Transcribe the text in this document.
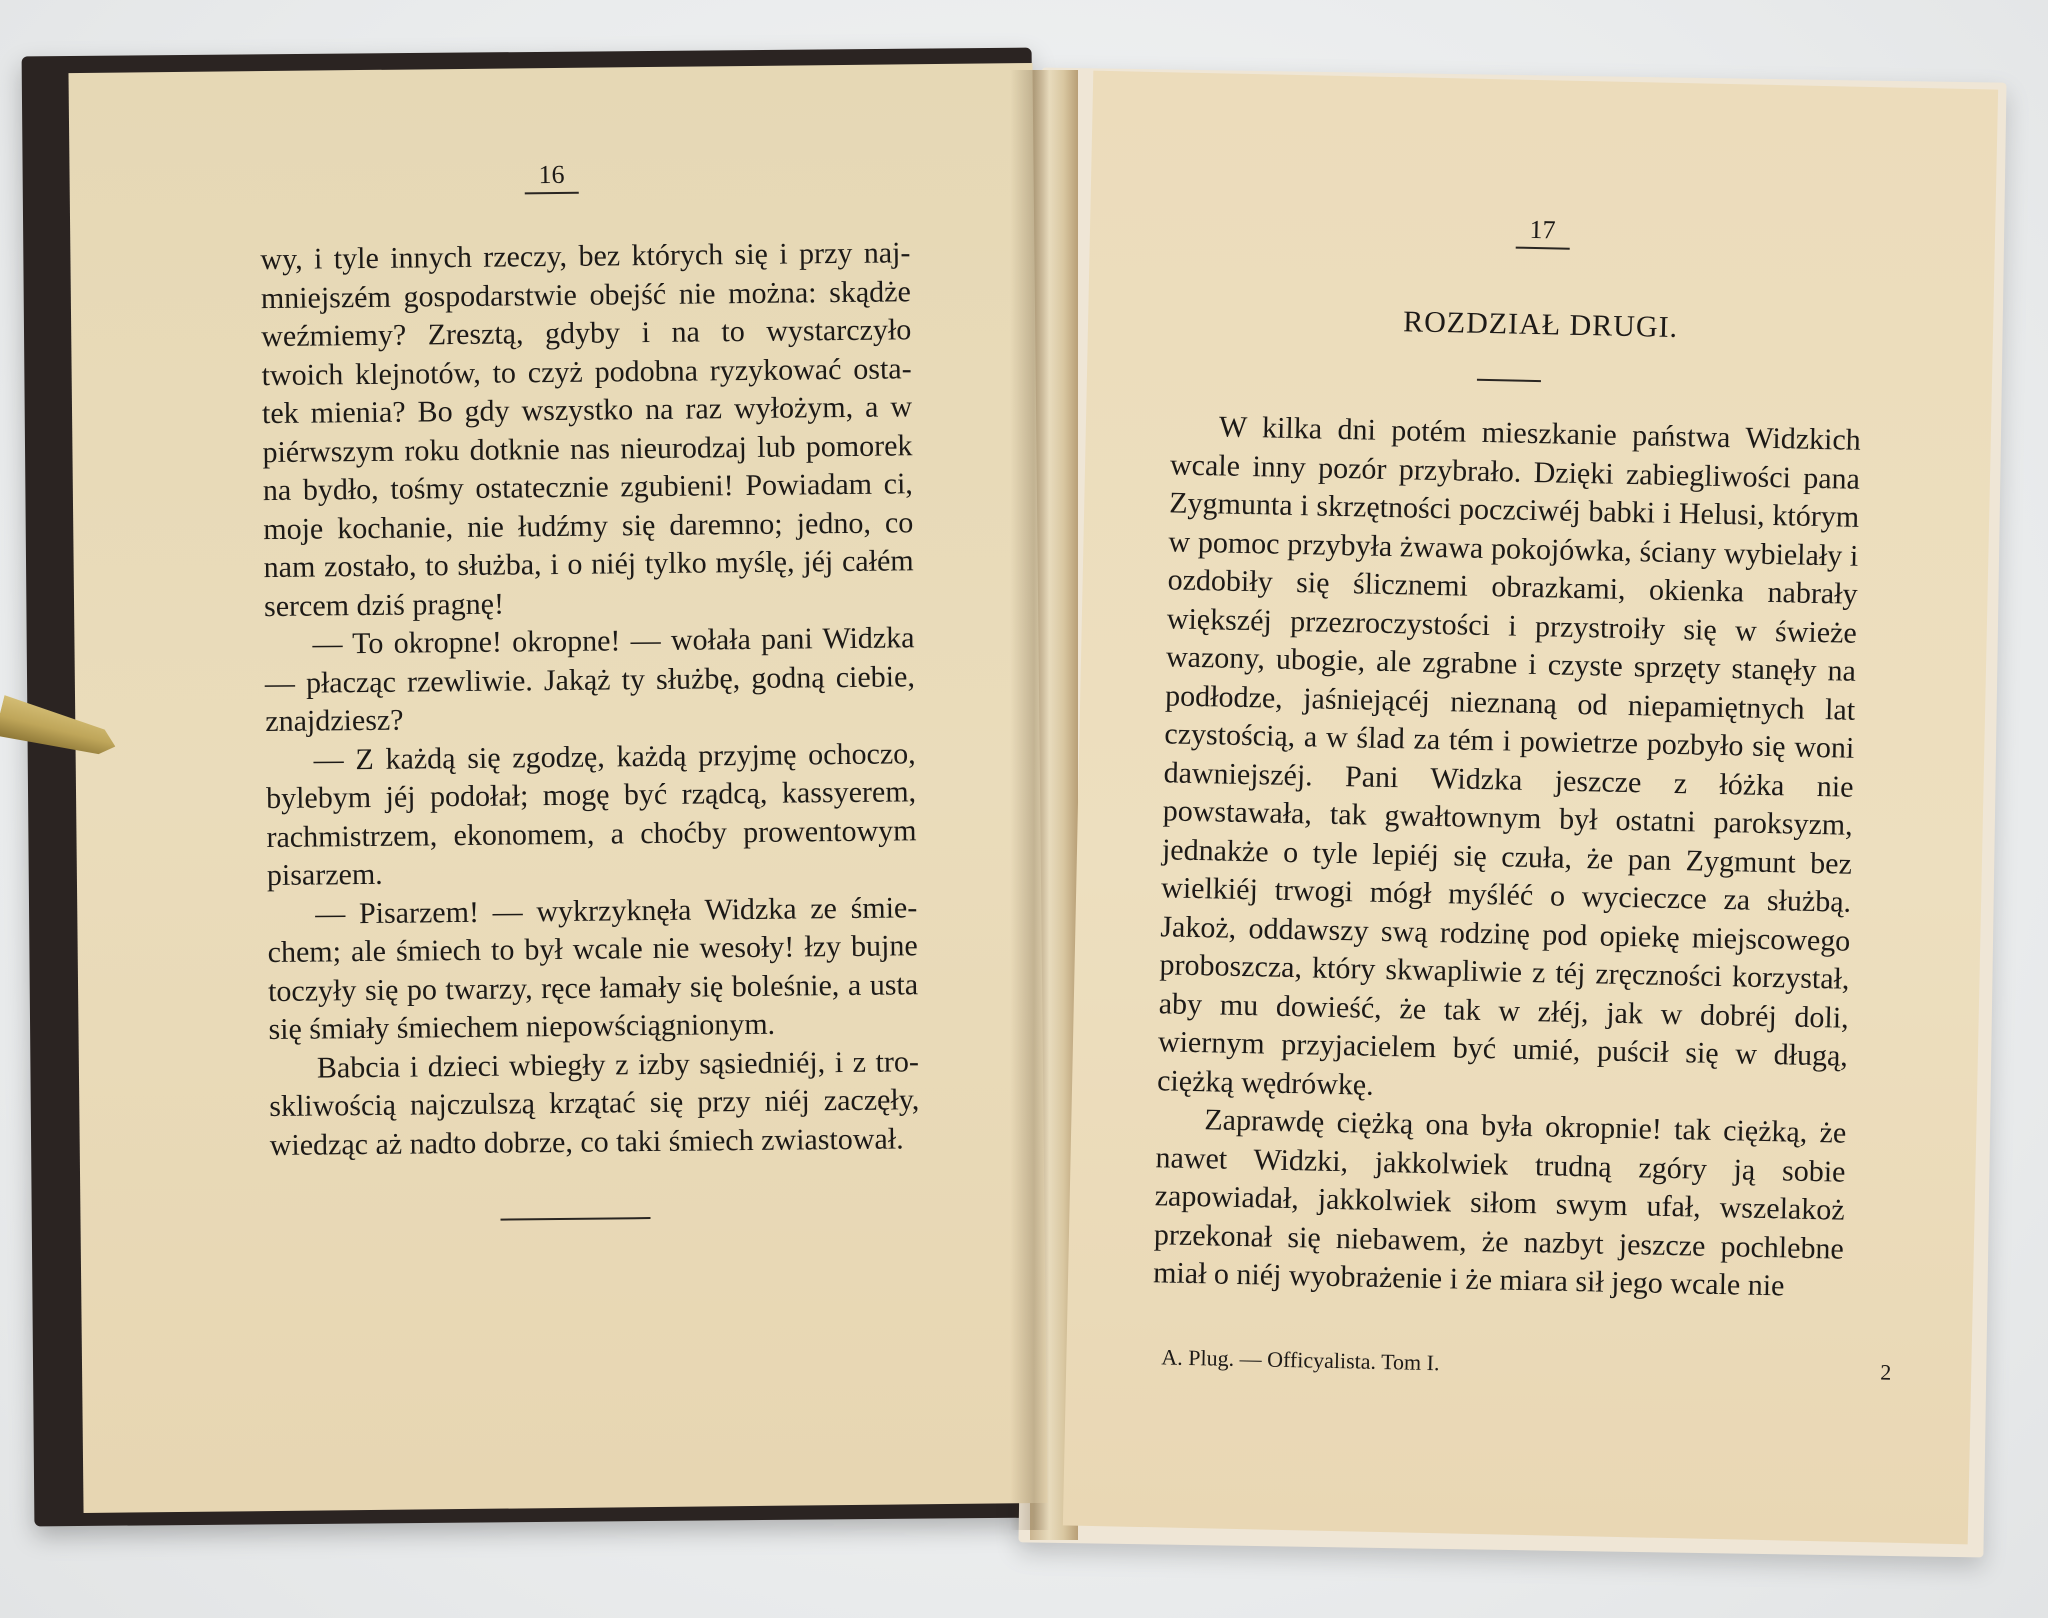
16

wy, i tyle innych rzeczy, bez których się i przy najmniejszém gospodarstwie obejść nie można: skądże weźmiemy? Zresztą, gdyby i na to wystarczyło twoich klejnotów, to czyż podobna ryzykować ostatek mienia? Bo gdy wszystko na raz wyłożym, a w piérwszym roku dotknie nas nieurodzaj lub pomorek na bydło, tośmy ostatecznie zgubieni! Powiadam ci, moje kochanie, nie łudźmy się daremno; jedno, co nam zostało, to służba, i o niéj tylko myślę, jéj całém sercem dziś pragnę!

— To okropne! okropne! — wołała pani Widzka — płacząc rzewliwie. Jakąż ty służbę, godną ciebie, znajdziesz?

— Z każdą się zgodzę, każdą przyjmę ochoczo, bylebym jéj podołał; mogę być rządcą, kassyerem, rachmistrzem, ekonomem, a choćby prowentowym pisarzem.

— Pisarzem! — wykrzyknęła Widzka ze śmiechem; ale śmiech to był wcale nie wesoły! łzy bujne toczyły się po twarzy, ręce łamały się boleśnie, a usta się śmiały śmiechem niepowściągnionym.

Babcia i dzieci wbiegły z izby sąsiedniéj, i z troskliwością najczulszą krzątać się przy niéj zaczęły, wiedząc aż nadto dobrze, co taki śmiech zwiastował.

17
ROZDZIAŁ DRUGI.

W kilka dni potém mieszkanie państwa Widzkich wcale inny pozór przybrało. Dzięki zabiegliwości pana Zygmunta i skrzętności poczciwéj babki i Helusi, którym w pomoc przybyła żwawa pokojówka, ściany wybielały i ozdobiły się ślicznemi obrazkami, okienka nabrały większéj przezroczystości i przystroiły się w świeże wazony, ubogie, ale zgrabne i czyste sprzęty stanęły na podłodze, jaśniejącéj nieznaną od niepamiętnych lat czystością, a w ślad za tém i powietrze pozbyło się woni dawniejszéj. Pani Widzka jeszcze z łóżka nie powstawała, tak gwałtownym był ostatni paroksyzm, jednakże o tyle lepiéj się czuła, że pan Zygmunt bez wielkiéj trwogi mógł myśléć o wycieczce za służbą. Jakoż, oddawszy swą rodzinę pod opiekę miejscowego proboszcza, który skwapliwie z téj zręczności korzystał, aby mu dowieść, że tak w złéj, jak w dobréj doli, wiernym przyjacielem być umié, puścił się w długą, ciężką wędrówkę.

Zaprawdę ciężką ona była okropnie! tak ciężką, że nawet Widzki, jakkolwiek trudną zgóry ją sobie zapowiadał, jakkolwiek siłom swym ufał, wszelakoż przekonał się niebawem, że nazbyt jeszcze pochlebne miał o niéj wyobrażenie i że miara sił jego wcale nie

A. Plug. — Officyalista. Tom I.	2
